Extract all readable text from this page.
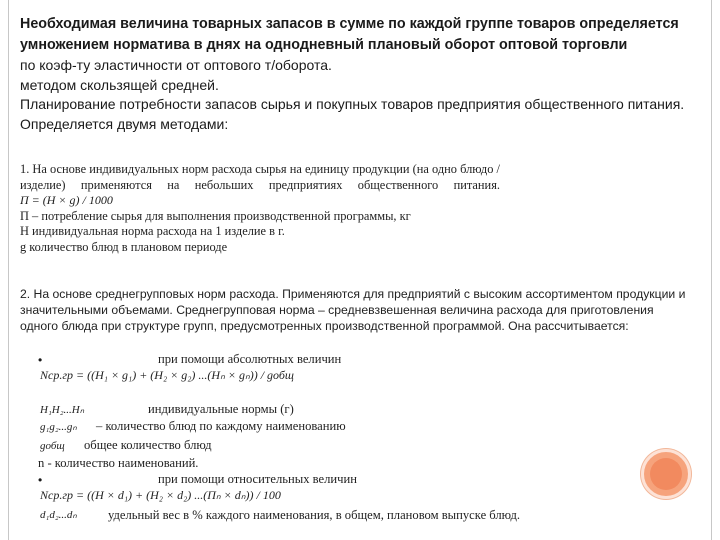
Необходимая величина товарных запасов в сумме по каждой группе товаров определяется умножением норматива в днях на однодневный плановый оборот оптовой торговли
по коэф-ту эластичности от оптового т/оборота.
методом скользящей средней.
Планирование потребности запасов сырья и покупных товаров предприятия общественного питания. Определяется двумя методами:
1. На основе индивидуальных норм расхода сырья на единицу продукции (на одно блюдо / изделие) применяются на небольших предприятиях общественного питания.
П = (Н × g) / 1000
П – потребление сырья для выполнения производственной программы, кг
Н индивидуальная норма расхода на 1 изделие в г.
g количество блюд в плановом периоде
2. На основе среднегрупповых норм расхода. Применяются для предприятий с высоким ассортиментом продукции и значительными объемами. Среднегрупповая норма – средневзвешенная величина расхода для приготовления одного блюда при структуре групп, предусмотренных производственной программой. Она рассчитывается:
•	при помощи абсолютных величин
Nср.гр = ((H₁ × g₁) + (H₂ × g₂) ...(Hₙ × gₙ)) / gобщ
H₁H₂...Hₙ	индивидуальные нормы (г)
g₁g₂...gₙ – количество блюд по каждому наименованию
gобщ общее количество блюд
n - количество наименований.
•	при помощи относительных величин
Nср.гр = ((H × d₁) + (H₂ × d₂) ...(Пₙ × dₙ)) / 100
d₁d₂...dₙ	удельный вес в % каждого наименования, в общем, плановом выпуске блюд.
